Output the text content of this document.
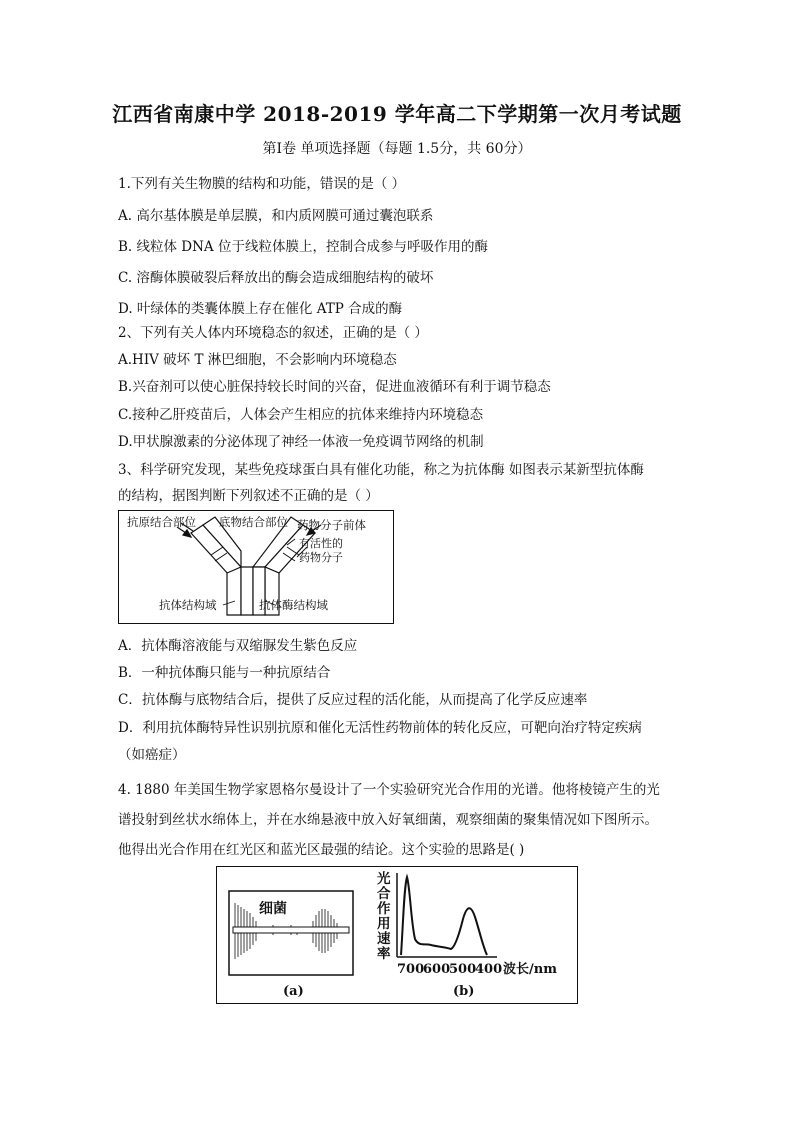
江西省南康中学 2018-2019 学年高二下学期第一次月考试题
第Ⅰ卷 单项选择题（每题 1.5分，共 60分）
1.下列有关生物膜的结构和功能，错误的是（ ）
A. 高尔基体膜是单层膜，和内质网膜可通过囊泡联系
B. 线粒体 DNA 位于线粒体膜上，控制合成参与呼吸作用的酶
C. 溶酶体膜破裂后释放出的酶会造成细胞结构的破坏
D. 叶绿体的类囊体膜上存在催化 ATP 合成的酶
2、下列有关人体内环境稳态的叙述，正确的是（ ）
A.HIV 破坏 T 淋巴细胞，不会影响内环境稳态
B.兴奋剂可以使心脏保持较长时间的兴奋，促进血液循环有利于调节稳态
C.接种乙肝疫苗后，人体会产生相应的抗体来维持内环境稳态
D.甲状腺激素的分泌体现了神经一体液一免疫调节网络的机制
3、科学研究发现，某些免疫球蛋白具有催化功能，称之为抗体酶 如图表示某新型抗体酶
的结构，据图判断下列叙述不正确的是（ ）
抗原结合部位 底物结合部位 药物分子前体
有活性的
药物分子
抗体结构域	抗体酶结构域
A．抗体酶溶液能与双缩脲发生紫色反应
B．一种抗体酶只能与一种抗原结合
C．抗体酶与底物结合后，提供了反应过程的活化能，从而提高了化学反应速率
D．利用抗体酶特异性识别抗原和催化无活性药物前体的转化反应，可靶向治疗特定疾病
（如癌症）
4. 1880 年美国生物学家恩格尔曼设计了一个实验研究光合作用的光谱。他将棱镜产生的光
谱投射到丝状水绵体上，并在水绵悬液中放入好氧细菌，观察细菌的聚集情况如下图所示。
他得出光合作用在红光区和蓝光区最强的结论。这个实验的思路是( )
细菌
(a)
光
合
作
用
速
率
700
600
500
400 波长/nm
(b)
